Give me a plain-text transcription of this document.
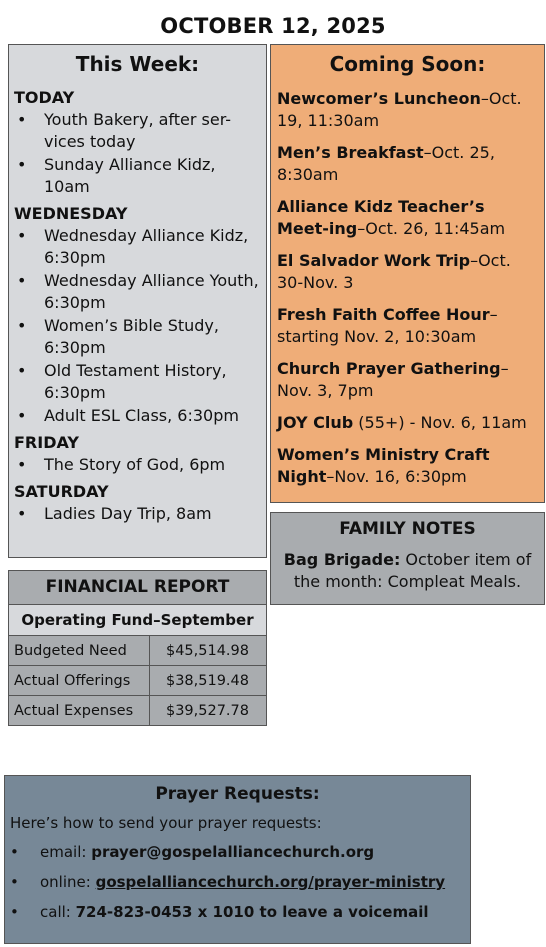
OCTOBER 12, 2025
This Week:
TODAY
• Youth Bakery, after ser-vices today
• Sunday Alliance Kidz, 10am
WEDNESDAY
• Wednesday Alliance Kidz, 6:30pm
• Wednesday Alliance Youth, 6:30pm
• Women’s Bible Study, 6:30pm
• Old Testament History, 6:30pm
• Adult ESL Class, 6:30pm
FRIDAY
• The Story of God, 6pm
SATURDAY
• Ladies Day Trip, 8am
Coming Soon:
Newcomer’s Luncheon–Oct. 19, 11:30am
Men’s Breakfast–Oct. 25, 8:30am
Alliance Kidz Teacher’s Meet-ing–Oct. 26, 11:45am
El Salvador Work Trip–Oct. 30-Nov. 3
Fresh Faith Coffee Hour–starting Nov. 2, 10:30am
Church Prayer Gathering–Nov. 3, 7pm
JOY Club (55+) - Nov. 6, 11am
Women’s Ministry Craft Night–Nov. 16, 6:30pm
FAMILY NOTES
Bag Brigade: October item of the month: Compleat Meals.
FINANCIAL REPORT
Operating Fund–September
Budgeted Need	$45,514.98
Actual Offerings	$38,519.48
Actual Expenses	$39,527.78
Prayer Requests:
Here’s how to send your prayer requests:
• email: prayer@gospelalliancechurch.org
• online: gospelalliancechurch.org/prayer-ministry
• call: 724-823-0453 x 1010 to leave a voicemail
